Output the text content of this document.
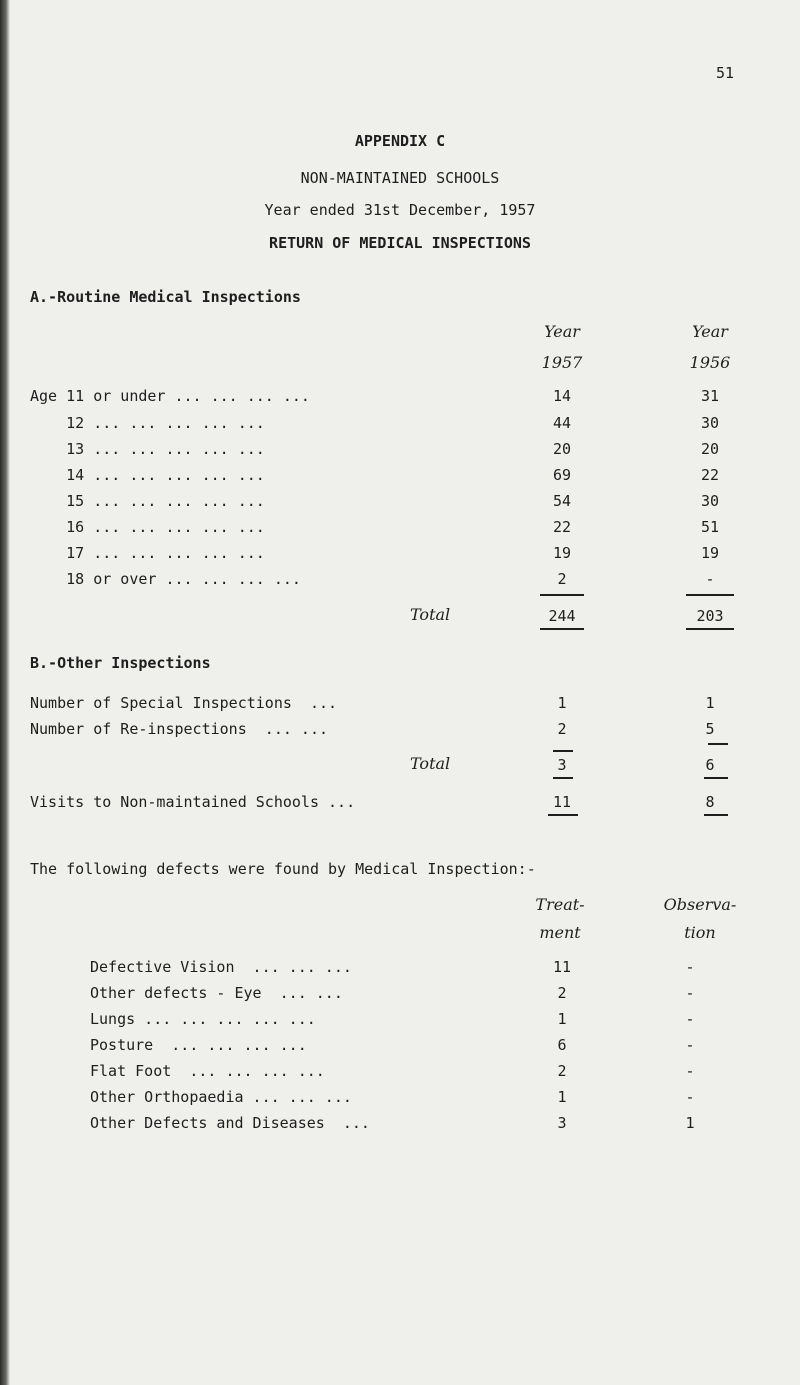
51
APPENDIX C
NON-MAINTAINED SCHOOLS
Year ended 31st December, 1957
RETURN OF MEDICAL INSPECTIONS
A.-Routine Medical Inspections
Year	Year
1957	1956
Age 11 or under ... ... ... ...	14	31
12 ... ... ... ... ...	44	30
13 ... ... ... ... ...	20	20
14 ... ... ... ... ...	69	22
15 ... ... ... ... ...	54	30
16 ... ... ... ... ...	22	51
17 ... ... ... ... ...	19	19
18 or over ... ... ... ...	2	-
Total	244	203
B.-Other Inspections
Number of Special Inspections  ...	1	1
Number of Re-inspections  ... ...	2	5
Total	3	6
Visits to Non-maintained Schools ...	11	8
The following defects were found by Medical Inspection:-
Treat-	Observa-
ment	tion
Defective Vision  ... ... ...	11	-
Other defects - Eye  ... ...	2	-
Lungs ... ... ... ... ...	1	-
Posture  ... ... ... ...	6	-
Flat Foot  ... ... ... ...	2	-
Other Orthopaedia ... ... ...	1	-
Other Defects and Diseases  ...	3	1
